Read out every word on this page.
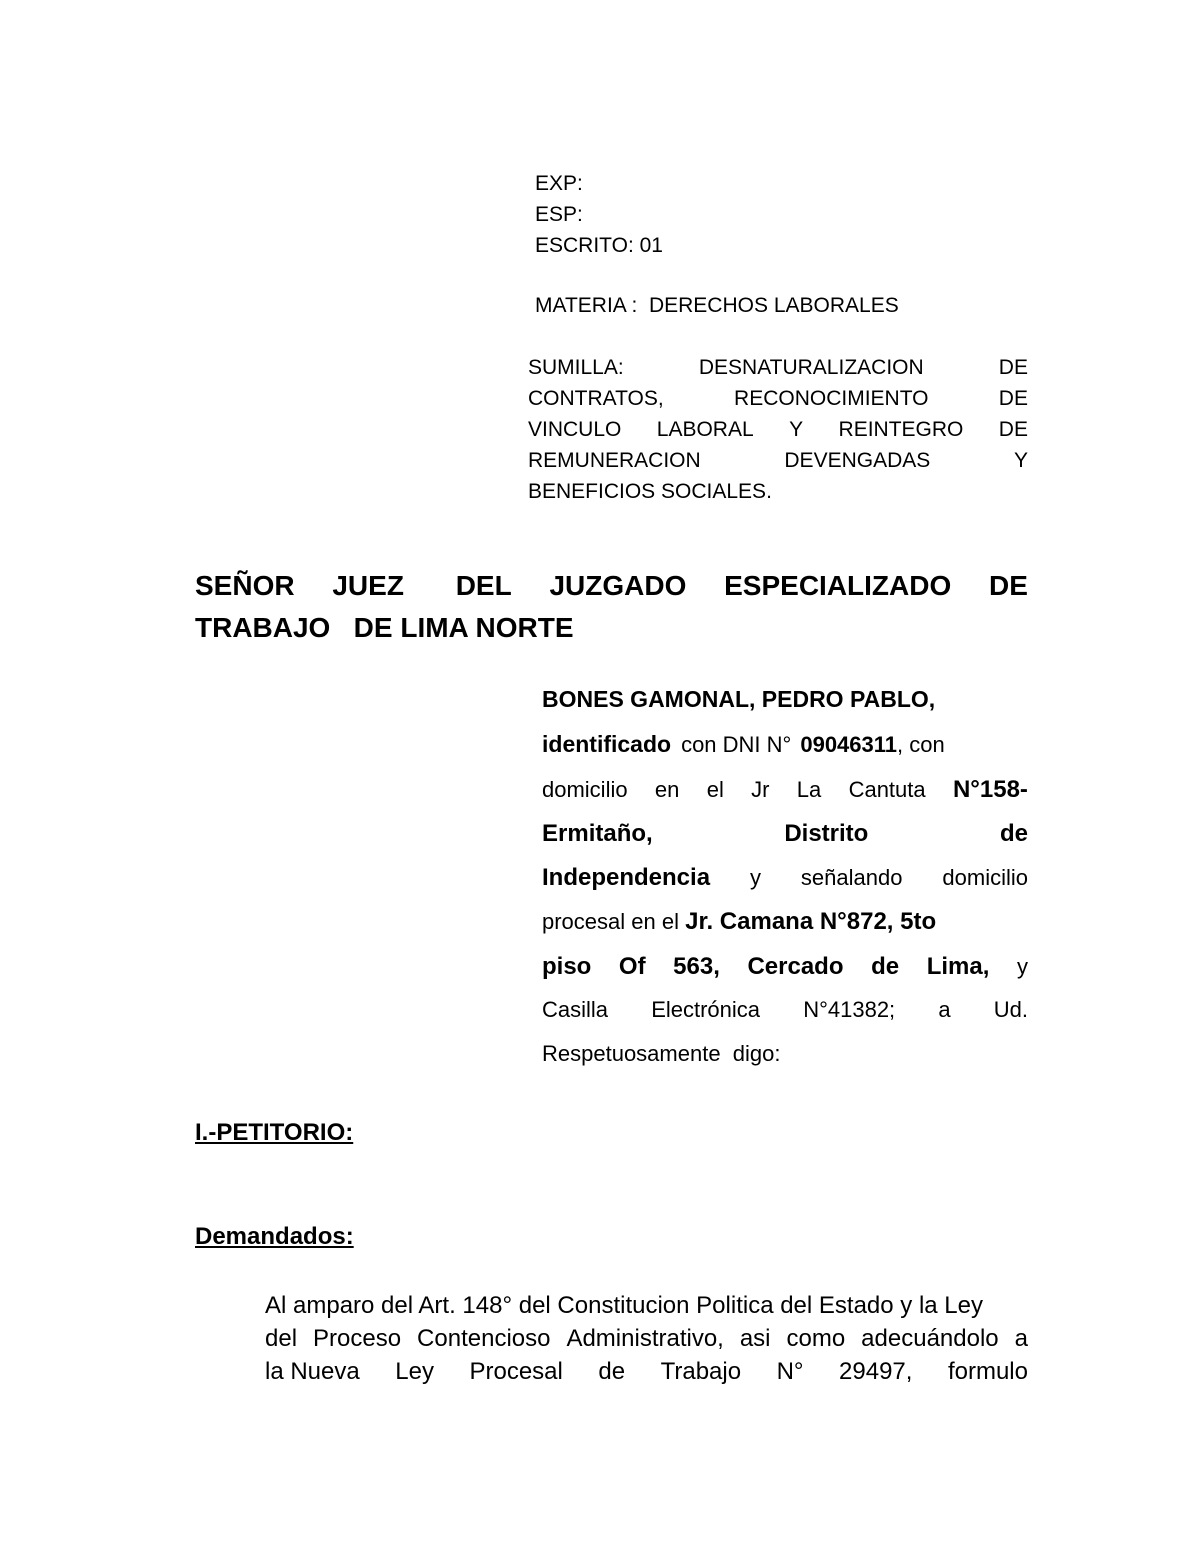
EXP:
ESP:
ESCRITO: 01
MATERIA :  DERECHOS LABORALES
SUMILLA:	DESNATURALIZACION	DE
CONTRATOS,	RECONOCIMIENTO	DE
VINCULO LABORAL Y REINTEGRO DE
REMUNERACION	DEVENGADAS	Y
BENEFICIOS SOCIALES.
SEÑOR JUEZ DEL JUZGADO ESPECIALIZADO DE
TRABAJO   DE LIMA NORTE
BONES GAMONAL, PEDRO PABLO,
identificado con DNI N° 09046311 , con
domicilio en el Jr La Cantuta N°158-
Ermitaño,	Distrito	de
Independencia y señalando domicilio
procesal en el Jr. Camana N°872, 5to
piso Of 563, Cercado de Lima, y
Casilla Electrónica N°41382; a Ud.
Respetuosamente  digo:
I.-PETITORIO:
Demandados:
Al amparo del Art. 148° del Constitucion Politica del Estado y la Ley
del Proceso Contencioso Administrativo, asi como adecuándolo a
la Nueva Ley Procesal de Trabajo N° 29497, formulo
